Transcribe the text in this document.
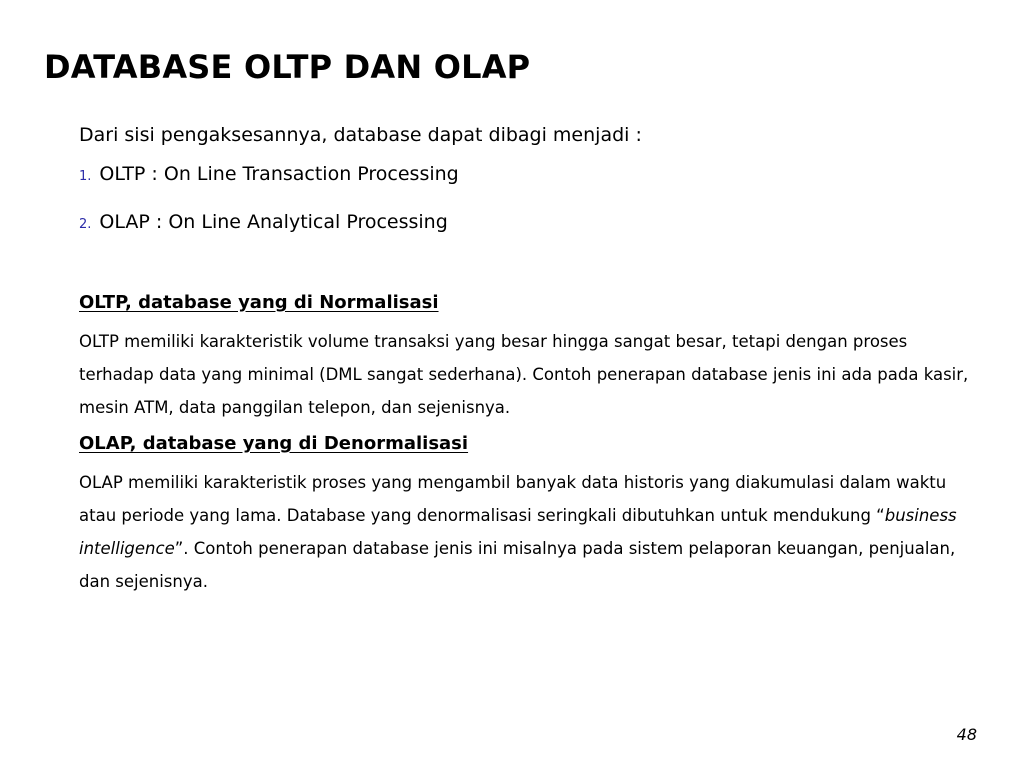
DATABASE OLTP DAN OLAP

Dari sisi pengaksesannya, database dapat dibagi menjadi :

1. OLTP : On Line Transaction Processing
2. OLAP : On Line Analytical Processing
OLTP, database yang di Normalisasi

OLTP memiliki karakteristik volume transaksi yang besar hingga sangat besar, tetapi dengan proses terhadap data yang minimal (DML sangat sederhana). Contoh penerapan database jenis ini ada pada kasir, mesin ATM, data panggilan telepon, dan sejenisnya.

OLAP, database yang di Denormalisasi

OLAP memiliki karakteristik proses yang mengambil banyak data historis yang diakumulasi dalam waktu atau periode yang lama. Database yang denormalisasi seringkali dibutuhkan untuk mendukung “business intelligence”. Contoh penerapan database jenis ini misalnya pada sistem pelaporan keuangan, penjualan, dan sejenisnya.

48
